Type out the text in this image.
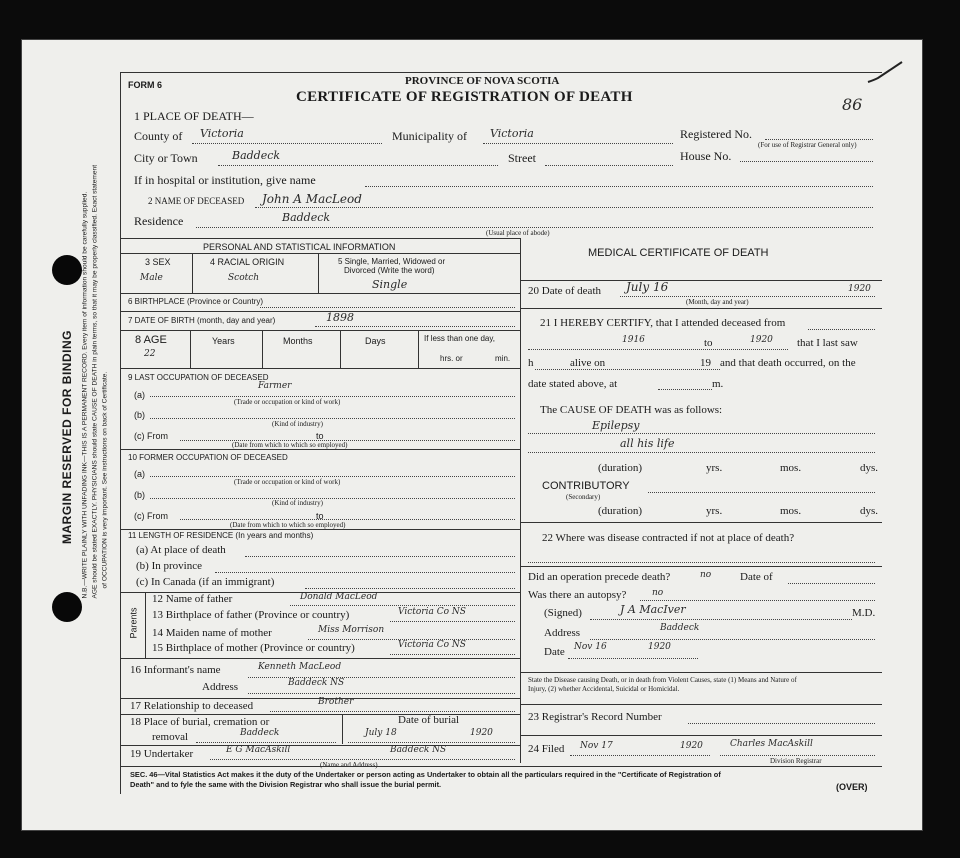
MARGIN RESERVED FOR BINDING N.B.—WRITE PLAINLY WITH UNFADING INK—THIS IS A PERMANENT RECORD. Every item of information should be carefully supplied. AGE should be stated EXACTLY. PHYSICIANS should state CAUSE OF DEATH in plain terms, so that it may be properly classified. Exact statement of OCCUPATION is very important. See instructions on back of Certificate.
FORM 6	PROVINCE OF NOVA SCOTIA
CERTIFICATE OF REGISTRATION OF DEATH	86
1 PLACE OF DEATH—
County of Victoria	Municipality of Victoria	Registered No.
(For use of Registrar General only)
City or Town	Baddeck	Street	House No.
If in hospital or institution, give name
2 NAME OF DECEASED John A MacLeod
Residence	Baddeck
(Usual place of abode)
PERSONAL AND STATISTICAL INFORMATION
3 SEX
Male
4 RACIAL ORIGIN
Scotch
5 Single, Married, Widowed or
Divorced (Write the word)
Single
6 BIRTHPLACE (Province or Country)
7 DATE OF BIRTH (month, day and year)	1898
8 AGE
22
Years	Months	Days	If less than one day,
hrs. or	min.
9 LAST OCCUPATION OF DECEASED
(a)
Farmer
(Trade or occupation or kind of work)
(b)
(Kind of industry)
(c) From	to
(Date from which to which so employed)
10 FORMER OCCUPATION OF DECEASED
(a)
(Trade or occupation or kind of work)
(b)
(Kind of industry)
(c) From	to
(Date from which to which so employed)
11 LENGTH OF RESIDENCE (In years and months)
(a) At place of death
(b) In province
(c) In Canada (if an immigrant)
Parents
12 Name of father	Donald MacLeod
13 Birthplace of father (Province or country)	Victoria Co NS
14 Maiden name of mother	Miss Morrison
15 Birthplace of mother (Province or country)	Victoria Co NS
16 Informant's name	Kenneth MacLeod
Address	Baddeck NS
17 Relationship to deceased	Brother
18 Place of burial, cremation or
removal	Baddeck
Date of burial
July 18	1920
19 Undertaker	E G MacAskill	Baddeck NS
(Name and Address)
MEDICAL CERTIFICATE OF DEATH
20 Date of death July 16	1920
(Month, day and year)
21 I HEREBY CERTIFY, that I attended deceased from
1916	to	1920 that I last saw
h	alive on	19 and that death occurred, on the
date stated above, at	m.
The CAUSE OF DEATH was as follows:
Epilepsy
all his life
(duration)	yrs.	mos.	dys.
CONTRIBUTORY
(Secondary)
(duration)	yrs.	mos.	dys.
22 Where was disease contracted if not at place of death?
Did an operation precede death?	no	Date of
Was there an autopsy?	no
(Signed)	J A MacIver	M.D.
Address	Baddeck
Date Nov 16	1920
State the Disease causing Death, or in death from Violent Causes, state (1) Means and Nature of
Injury, (2) whether Accidental, Suicidal or Homicidal.
23 Registrar's Record Number
24 Filed Nov 17	1920	Charles MacAskill
Division Registrar
SEC. 46—Vital Statistics Act makes it the duty of the Undertaker or person acting as Undertaker to obtain all the particulars required in the "Certificate of Registration of
Death" and to fyle the same with the Division Registrar who shall issue the burial permit.	(OVER)
